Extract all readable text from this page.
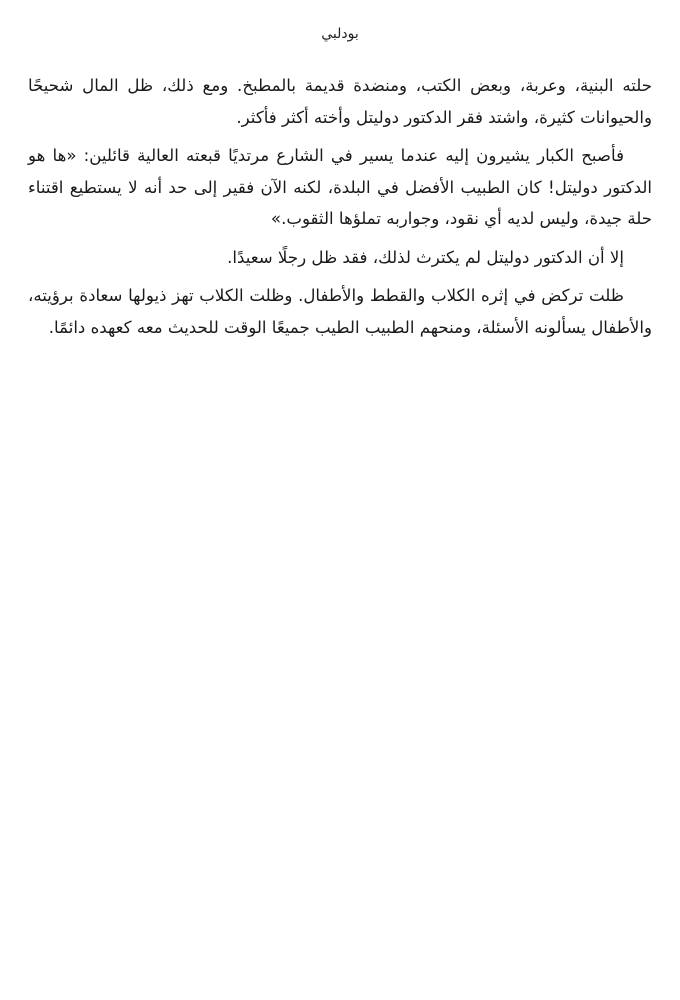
بودلبي

حلته البنية، وعربة، وبعض الكتب، ومنضدة قديمة بالمطبخ. ومع ذلك، ظل المال شحيحًا والحيوانات كثيرة، واشتد فقر الدكتور دوليتل وأخته أكثر فأكثر.

فأصبح الكبار يشيرون إليه عندما يسير في الشارع مرتديًا قبعته العالية قائلين: «ها هو الدكتور دوليتل! كان الطبيب الأفضل في البلدة، لكنه الآن فقير إلى حد أنه لا يستطيع اقتناء حلة جيدة، وليس لديه أي نقود، وجواربه تملؤها الثقوب.»

إلا أن الدكتور دوليتل لم يكترث لذلك، فقد ظل رجلًا سعيدًا.

ظلت تركض في إثره الكلاب والقطط والأطفال. وظلت الكلاب تهز ذيولها سعادة برؤيته، والأطفال يسألونه الأسئلة، ومنحهم الطبيب الطيب جميعًا الوقت للحديث معه كعهده دائمًا.
